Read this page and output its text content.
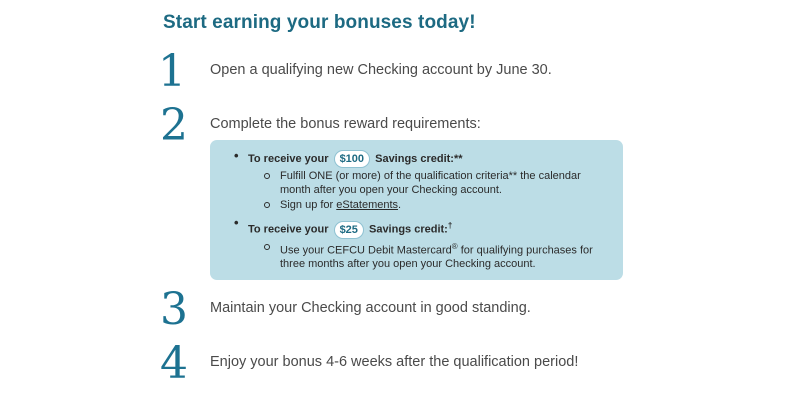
Start earning your bonuses today!
1	Open a qualifying new Checking account by June 30.
2	Complete the bonus reward requirements:
• To receive your $100 Savings credit:**
Fulfill ONE (or more) of the qualification criteria** the calendar month after you open your Checking account.
Sign up for eStatements.
• To receive your $25 Savings credit:†
Use your CEFCU Debit Mastercard® for qualifying purchases for three months after you open your Checking account.
3	Maintain your Checking account in good standing.
4	Enjoy your bonus 4-6 weeks after the qualification period!
